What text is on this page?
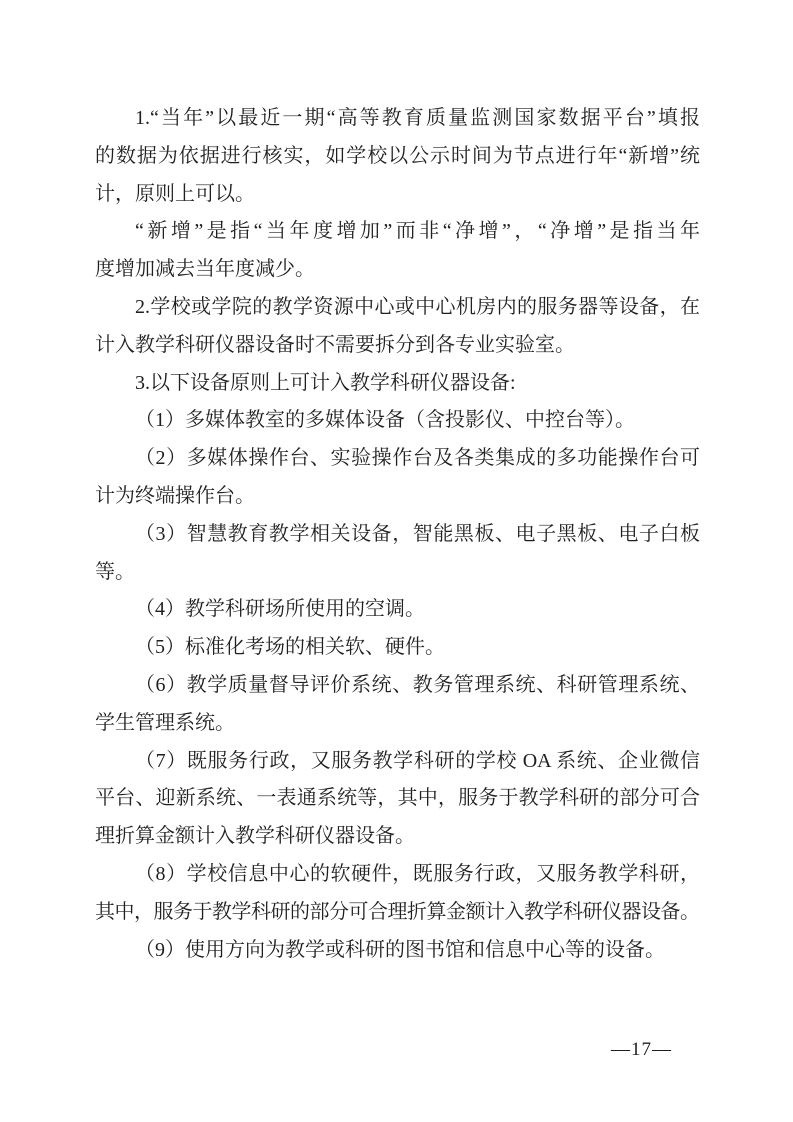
1.“当年”以最近一期“高等教育质量监测国家数据平台”填报
的数据为依据进行核实，如学校以公示时间为节点进行年“新增”统
计，原则上可以。
“新增”是指“当年度增加”而非“净增”，“净增”是指当年
度增加减去当年度减少。
2.学校或学院的教学资源中心或中心机房内的服务器等设备，在
计入教学科研仪器设备时不需要拆分到各专业实验室。
3.以下设备原则上可计入教学科研仪器设备:
（1）多媒体教室的多媒体设备（含投影仪、中控台等）。
（2）多媒体操作台、实验操作台及各类集成的多功能操作台可
计为终端操作台。
（3）智慧教育教学相关设备，智能黑板、电子黑板、电子白板
等。
（4）教学科研场所使用的空调。
（5）标准化考场的相关软、硬件。
（6）教学质量督导评价系统、教务管理系统、科研管理系统、
学生管理系统。
（7）既服务行政，又服务教学科研的学校 OA 系统、企业微信
平台、迎新系统、一表通系统等，其中，服务于教学科研的部分可合
理折算金额计入教学科研仪器设备。
（8）学校信息中心的软硬件，既服务行政，又服务教学科研，
其中，服务于教学科研的部分可合理折算金额计入教学科研仪器设备。
（9）使用方向为教学或科研的图书馆和信息中心等的设备。
—17—
